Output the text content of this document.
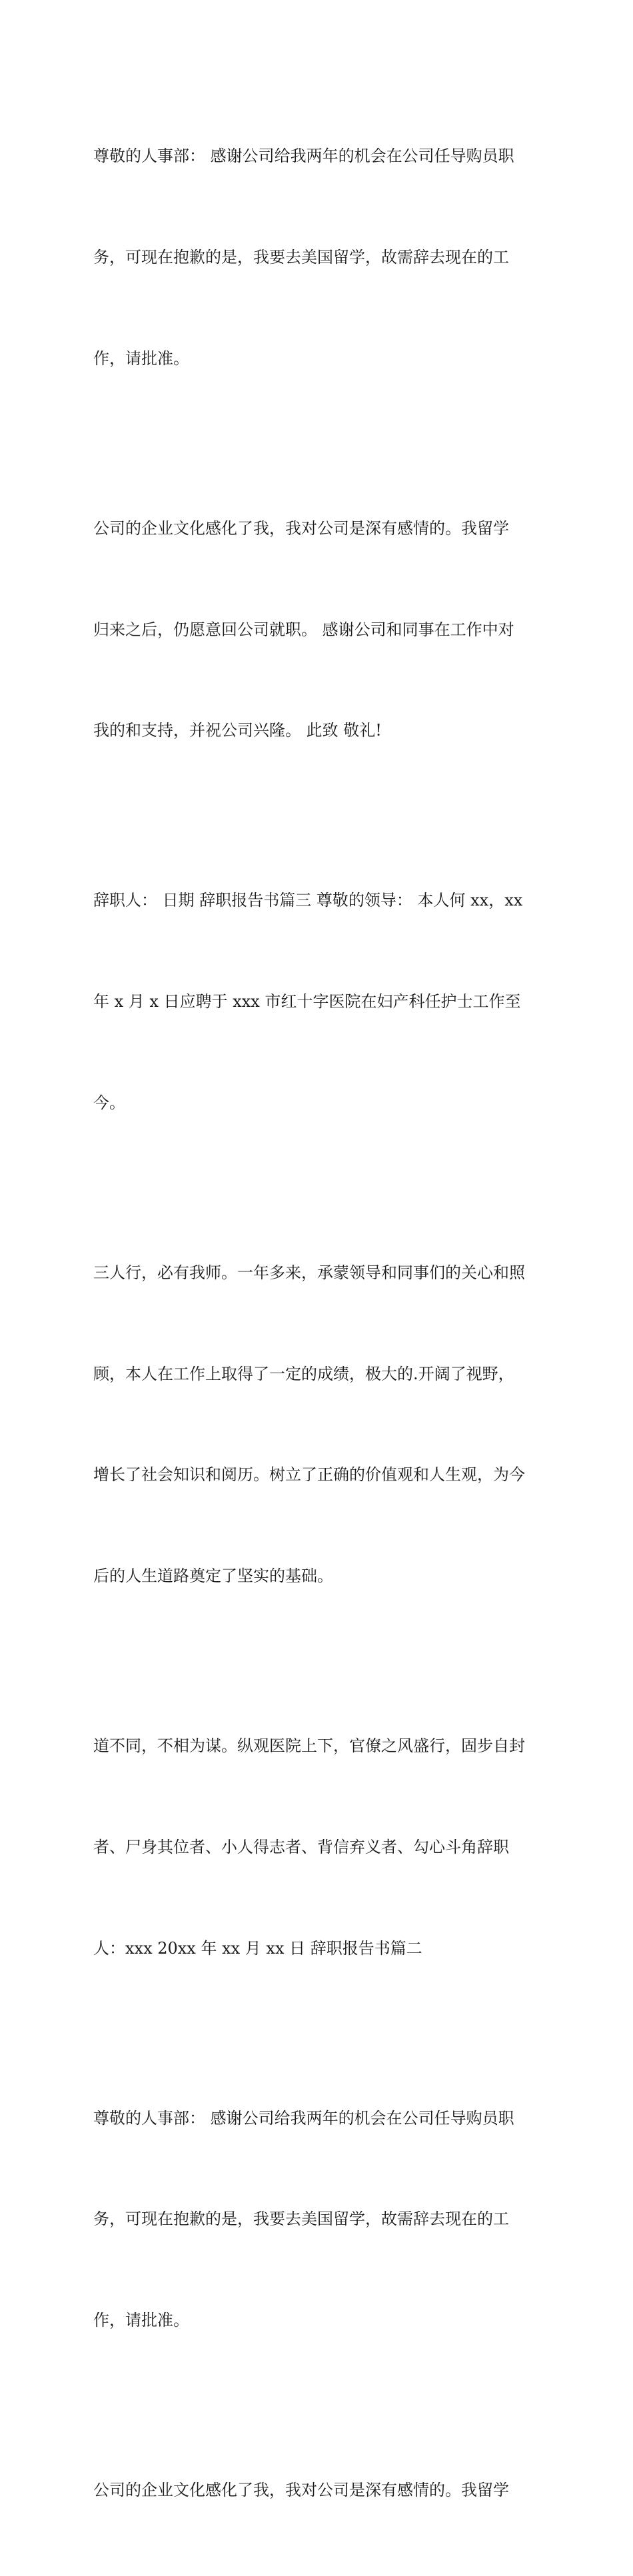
尊敬的人事部： 感谢公司给我两年的机会在公司任导购员职

务，可现在抱歉的是，我要去美国留学，故需辞去现在的工

作，请批准。

公司的企业文化感化了我，我对公司是深有感情的。我留学

归来之后，仍愿意回公司就职。 感谢公司和同事在工作中对

我的和支持，并祝公司兴隆。 此致 敬礼!

辞职人： 日期 辞职报告书篇三 尊敬的领导： 本人何 xx，xx

年 x 月 x 日应聘于 xxx 市红十字医院在妇产科任护士工作至

今。

三人行，必有我师。一年多来，承蒙领导和同事们的关心和照

顾，本人在工作上取得了一定的成绩，极大的.开阔了视野，

增长了社会知识和阅历。树立了正确的价值观和人生观，为今

后的人生道路奠定了坚实的基础。

道不同，不相为谋。纵观医院上下，官僚之风盛行，固步自封

者、尸身其位者、小人得志者、背信弃义者、勾心斗角辞职

人：xxx 20xx 年 xx 月 xx 日 辞职报告书篇二

尊敬的人事部： 感谢公司给我两年的机会在公司任导购员职

务，可现在抱歉的是，我要去美国留学，故需辞去现在的工

作，请批准。

公司的企业文化感化了我，我对公司是深有感情的。我留学
